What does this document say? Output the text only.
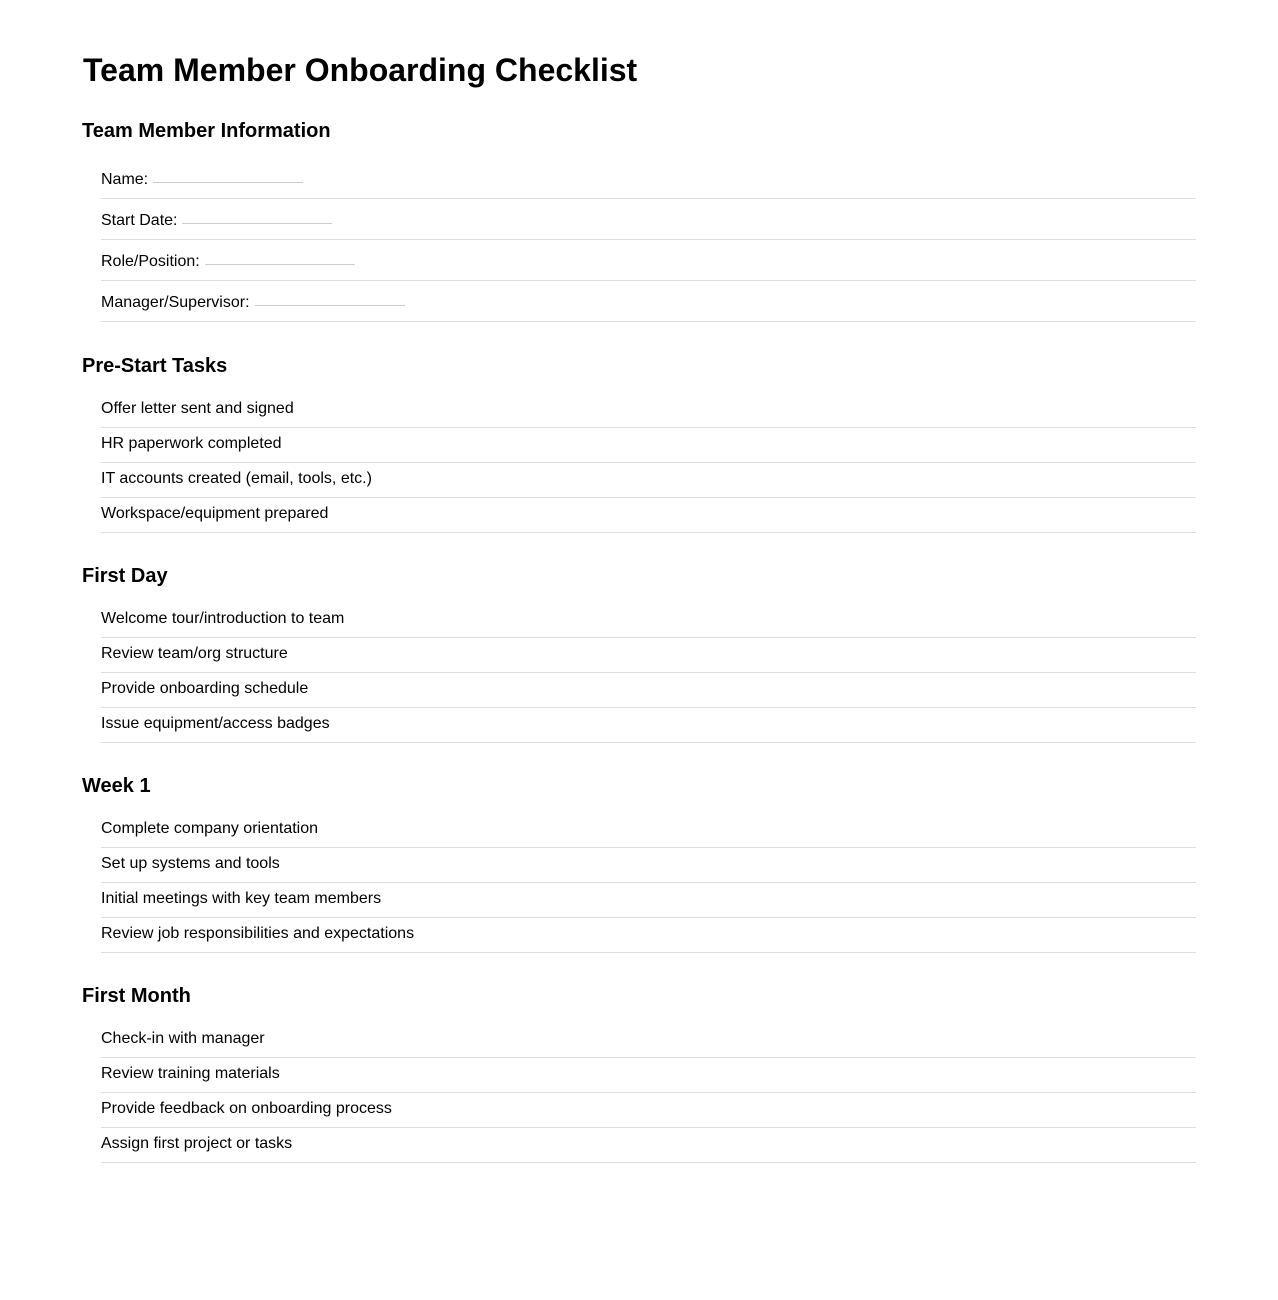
Team Member Onboarding Checklist
Team Member Information
Name:
Start Date:
Role/Position:
Manager/Supervisor:
Pre-Start Tasks
Offer letter sent and signed
HR paperwork completed
IT accounts created (email, tools, etc.)
Workspace/equipment prepared
First Day
Welcome tour/introduction to team
Review team/org structure
Provide onboarding schedule
Issue equipment/access badges
Week 1
Complete company orientation
Set up systems and tools
Initial meetings with key team members
Review job responsibilities and expectations
First Month
Check-in with manager
Review training materials
Provide feedback on onboarding process
Assign first project or tasks
